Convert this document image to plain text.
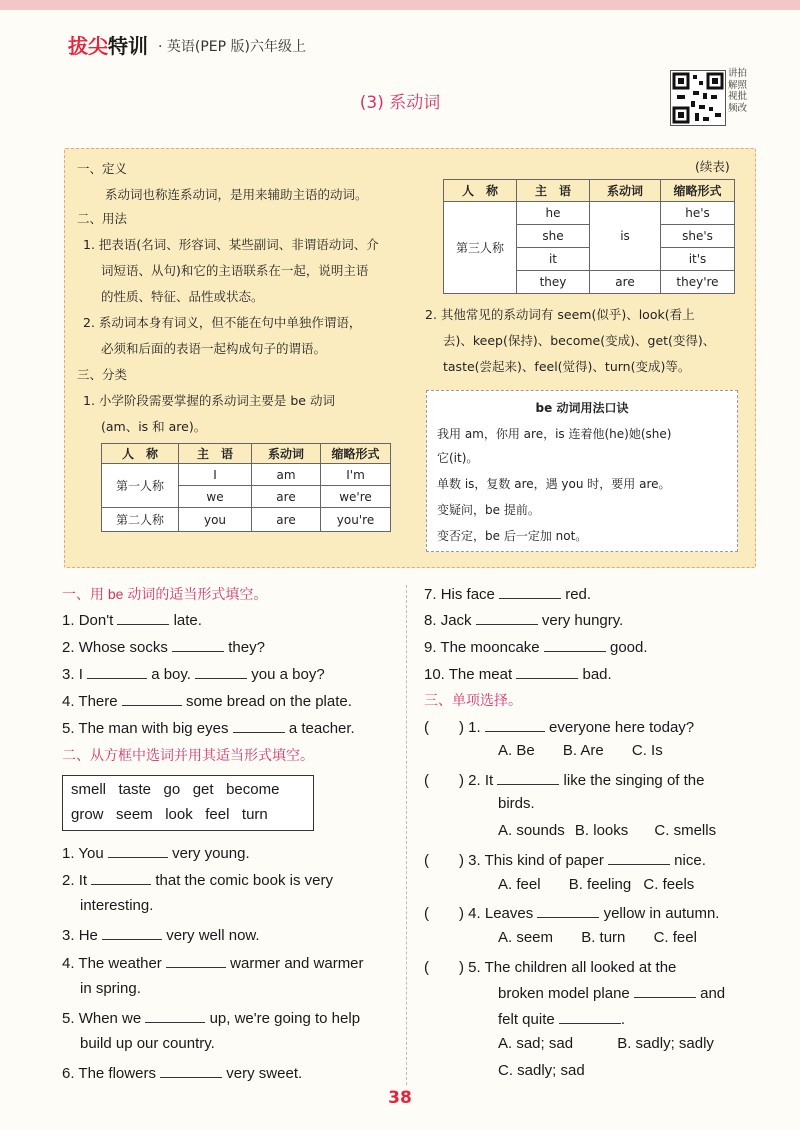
拔尖特训 · 英语(PEP 版)六年级上
(3) 系动词
讲拍
解照
视批
频改
一、定义
系动词也称连系动词，是用来辅助主语的动词。
二、用法
1. 把表语(名词、形容词、某些副词、非谓语动词、介
词短语、从句)和它的主语联系在一起，说明主语
的性质、特征、品性或状态。
2. 系动词本身有词义，但不能在句中单独作谓语，
必须和后面的表语一起构成句子的谓语。
三、分类
1. 小学阶段需要掌握的系动词主要是 be 动词
(am、is 和 are)。
人　称	主　语	系动词	缩略形式
第一人称	I	am	I'm
	we	are	we're
第二人称	you	are	you're
(续表)
人　称	主　语	系动词	缩略形式
第三人称	he	is	he's
	she		she's
	it		it's
	they	are	they're
2. 其他常见的系动词有 seem(似乎)、look(看上
去)、keep(保持)、become(变成)、get(变得)、
taste(尝起来)、feel(觉得)、turn(变成)等。
be 动词用法口诀
我用 am，你用 are，is 连着他(he)她(she)
它(it)。
单数 is，复数 are，遇 you 时，要用 are。
变疑问，be 提前。
变否定，be 后一定加 not。
一、用 be 动词的适当形式填空。
1. Don't	late.
2. Whose socks	they?
3. I	a boy.	you a boy?
4. There	some bread on the plate.
5. The man with big eyes	a teacher.
二、从方框中选词并用其适当形式填空。
smell   taste   go   get   become
grow   seem   look   feel   turn
1. You	very young.
2. It	that the comic book is very
interesting.
3. He	very well now.
4. The weather	warmer and warmer
in spring.
5. When we	up, we're going to help
build up our country.
6. The flowers	very sweet.
7. His face	red.
8. Jack	very hungry.
9. The mooncake	good.
10. The meat	bad.
三、单项选择。
(　　) 1.	everyone here today?
A. Be B. Are C. Is
(　　) 2. It	like the singing of the
birds.
A. sounds B. looks C. smells
(　　) 3. This kind of paper	nice.
A. feel B. feeling C. feels
(　　) 4. Leaves	yellow in autumn.
A. seem B. turn C. feel
(　　) 5. The children all looked at the
broken model plane	and
felt quite	.
A. sad; sad	B. sadly; sadly
C. sadly; sad
38
